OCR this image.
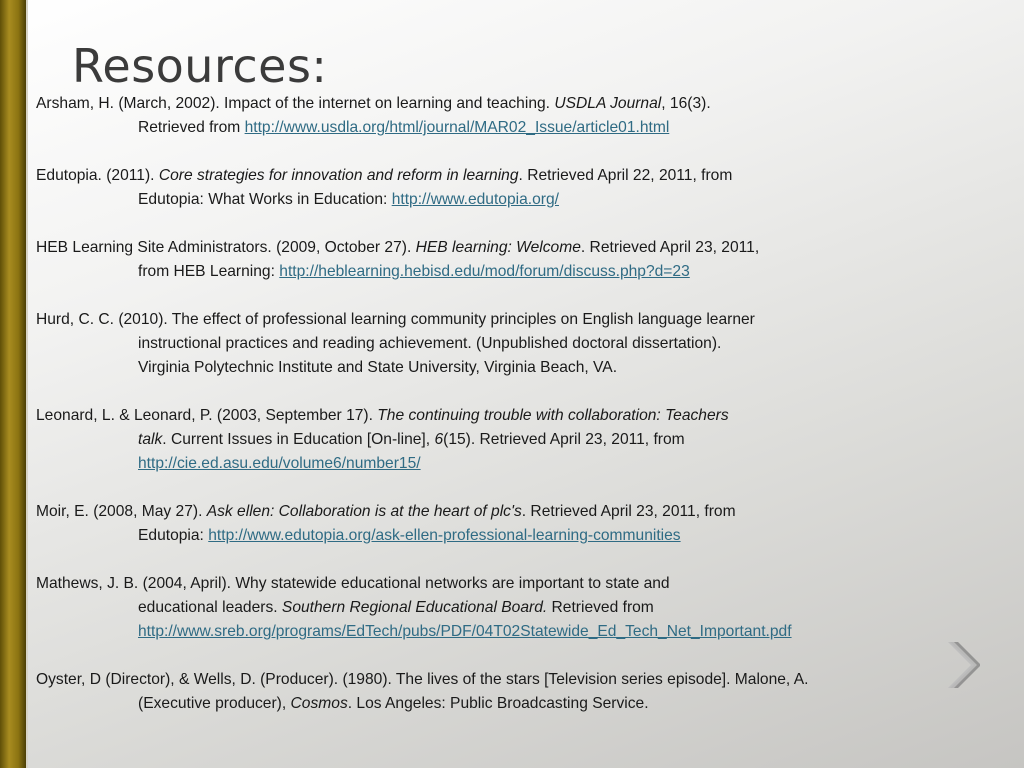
Resources:
Arsham, H. (March, 2002). Impact of the internet on learning and teaching. USDLA Journal, 16(3).
Retrieved from http://www.usdla.org/html/journal/MAR02_Issue/article01.html
Edutopia. (2011). Core strategies for innovation and reform in learning. Retrieved April 22, 2011, from
Edutopia: What Works in Education: http://www.edutopia.org/
HEB Learning Site Administrators. (2009, October 27). HEB learning: Welcome. Retrieved April 23, 2011,
from HEB Learning: http://heblearning.hebisd.edu/mod/forum/discuss.php?d=23
Hurd, C. C. (2010). The effect of professional learning community principles on English language learner
instructional practices and reading achievement. (Unpublished doctoral dissertation).
Virginia Polytechnic Institute and State University, Virginia Beach, VA.
Leonard, L. & Leonard, P. (2003, September 17). The continuing trouble with collaboration: Teachers
talk. Current Issues in Education [On-line], 6(15). Retrieved April 23, 2011, from
http://cie.ed.asu.edu/volume6/number15/
Moir, E. (2008, May 27). Ask ellen: Collaboration is at the heart of plc's. Retrieved April 23, 2011, from
Edutopia: http://www.edutopia.org/ask-ellen-professional-learning-communities
Mathews, J. B. (2004, April). Why statewide educational networks are important to state and
educational leaders. Southern Regional Educational Board. Retrieved from
http://www.sreb.org/programs/EdTech/pubs/PDF/04T02Statewide_Ed_Tech_Net_Important.pdf
Oyster, D (Director), & Wells, D. (Producer). (1980). The lives of the stars [Television series episode]. Malone, A.
(Executive producer), Cosmos. Los Angeles: Public Broadcasting Service.
